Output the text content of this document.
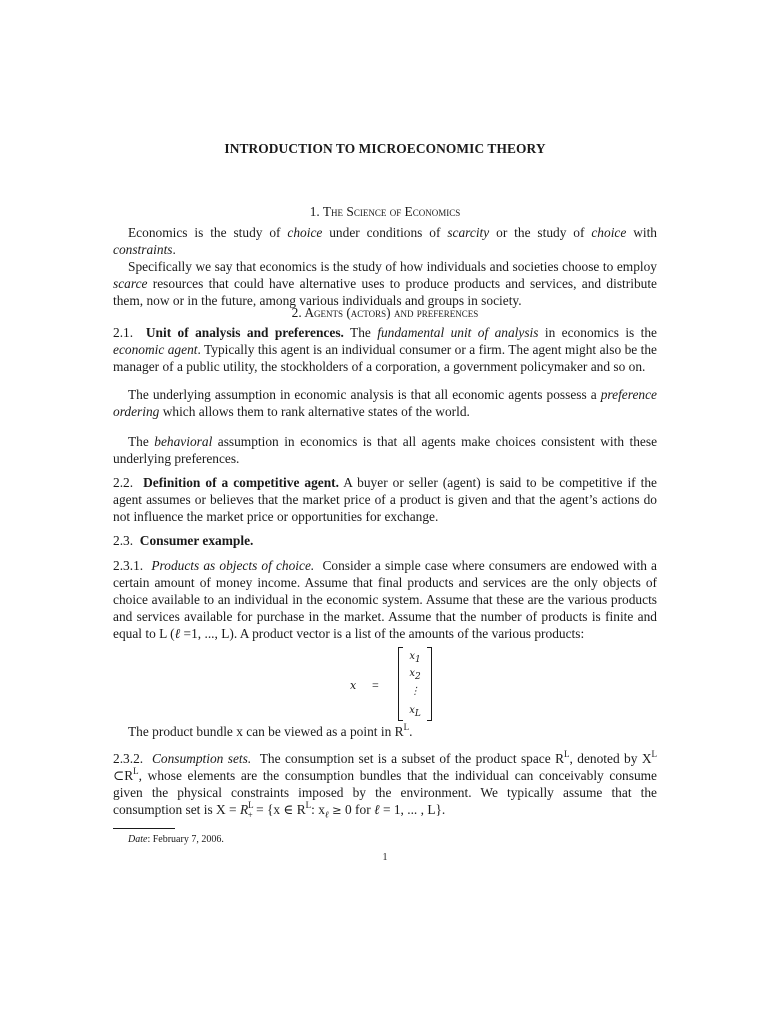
INTRODUCTION TO MICROECONOMIC THEORY
1. The Science of Economics

Economics is the study of choice under conditions of scarcity or the study of choice with constraints.

Specifically we say that economics is the study of how individuals and societies choose to employ scarce resources that could have alternative uses to produce products and services, and distribute them, now or in the future, among various individuals and groups in society.

2. Agents (actors) and preferences

2.1. Unit of analysis and preferences. The fundamental unit of analysis in economics is the economic agent. Typically this agent is an individual consumer or a firm. The agent might also be the manager of a public utility, the stockholders of a corporation, a government policymaker and so on.

The underlying assumption in economic analysis is that all economic agents possess a preference ordering which allows them to rank alternative states of the world.

The behavioral assumption in economics is that all agents make choices consistent with these underlying preferences.

2.2. Definition of a competitive agent. A buyer or seller (agent) is said to be competitive if the agent assumes or believes that the market price of a product is given and that the agent’s actions do not influence the market price or opportunities for exchange.

2.3. Consumer example.

2.3.1. Products as objects of choice.  Consider a simple case where consumers are endowed with a certain amount of money income. Assume that final products and services are the only objects of choice available to an individual in the economic system. Assume that these are the various products and services available for purchase in the market. Assume that the number of products is finite and equal to L (ℓ =1, ..., L). A product vector is a list of the amounts of the various products:

x =
$x_1$
$x_2$
⋮
$x_L$

The product bundle x can be viewed as a point in $R^L$.

2.3.2. Consumption sets.  The consumption set is a subset of the product space $R^L$, denoted by $X^L$ $\subset R^L$, whose elements are the consumption bundles that the individual can conceivably consume given the physical constraints imposed by the environment. We typically assume that the consumption set is $X = R^L_+ = \{x$ ∈ $R^L$: $x_\ell \ge 0$ for ℓ = 1, ... , L}.

Date: February 7, 2006.
1
